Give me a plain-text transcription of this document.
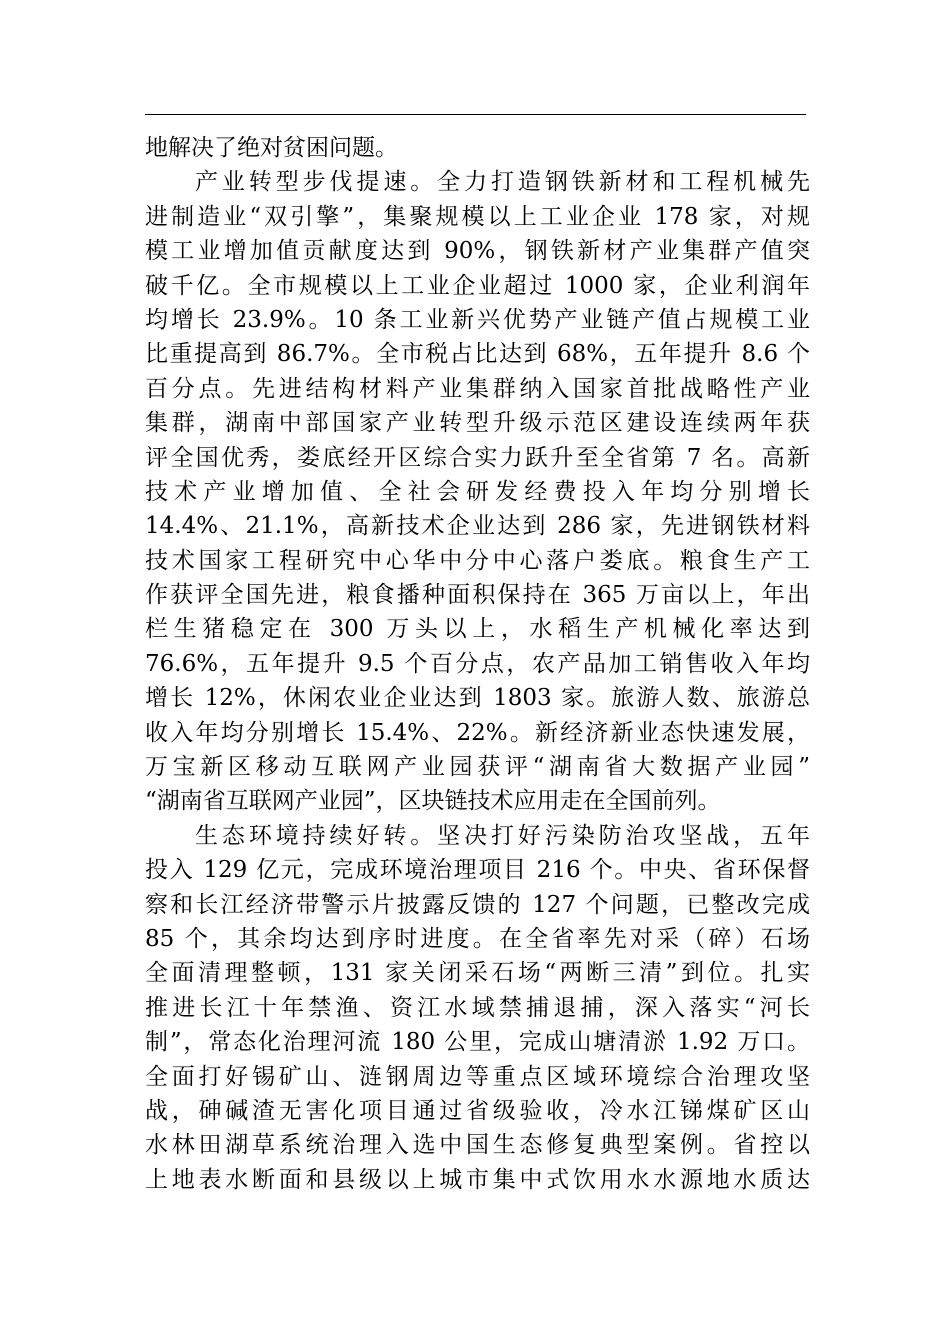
地解决了绝对贫困问题。
产业转型步伐提速。全力打造钢铁新材和工程机械先
进制造业“双引擎”，集聚规模以上工业企业 178 家，对规
模工业增加值贡献度达到 90%，钢铁新材产业集群产值突
破千亿。全市规模以上工业企业超过 1000 家，企业利润年
均增长 23.9%。10 条工业新兴优势产业链产值占规模工业
比重提高到 86.7%。全市税占比达到 68%，五年提升 8.6 个
百分点。先进结构材料产业集群纳入国家首批战略性产业
集群，湖南中部国家产业转型升级示范区建设连续两年获
评全国优秀，娄底经开区综合实力跃升至全省第 7 名。高新
技术产业增加值、全社会研发经费投入年均分别增长
14.4%、21.1%，高新技术企业达到 286 家，先进钢铁材料
技术国家工程研究中心华中分中心落户娄底。粮食生产工
作获评全国先进，粮食播种面积保持在 365 万亩以上，年出
栏生猪稳定在 300 万头以上，水稻生产机械化率达到
76.6%，五年提升 9.5 个百分点，农产品加工销售收入年均
增长 12%，休闲农业企业达到 1803 家。旅游人数、旅游总
收入年均分别增长 15.4%、22%。新经济新业态快速发展，
万宝新区移动互联网产业园获评“湖南省大数据产业园”
“湖南省互联网产业园”，区块链技术应用走在全国前列。
生态环境持续好转。坚决打好污染防治攻坚战，五年
投入 129 亿元，完成环境治理项目 216 个。中央、省环保督
察和长江经济带警示片披露反馈的 127 个问题，已整改完成
85 个，其余均达到序时进度。在全省率先对采（碎）石场
全面清理整顿，131 家关闭采石场“两断三清”到位。扎实
推进长江十年禁渔、资江水域禁捕退捕，深入落实“河长
制”，常态化治理河流 180 公里，完成山塘清淤 1.92 万口。
全面打好锡矿山、涟钢周边等重点区域环境综合治理攻坚
战，砷碱渣无害化项目通过省级验收，冷水江锑煤矿区山
水林田湖草系统治理入选中国生态修复典型案例。省控以
上地表水断面和县级以上城市集中式饮用水水源地水质达
